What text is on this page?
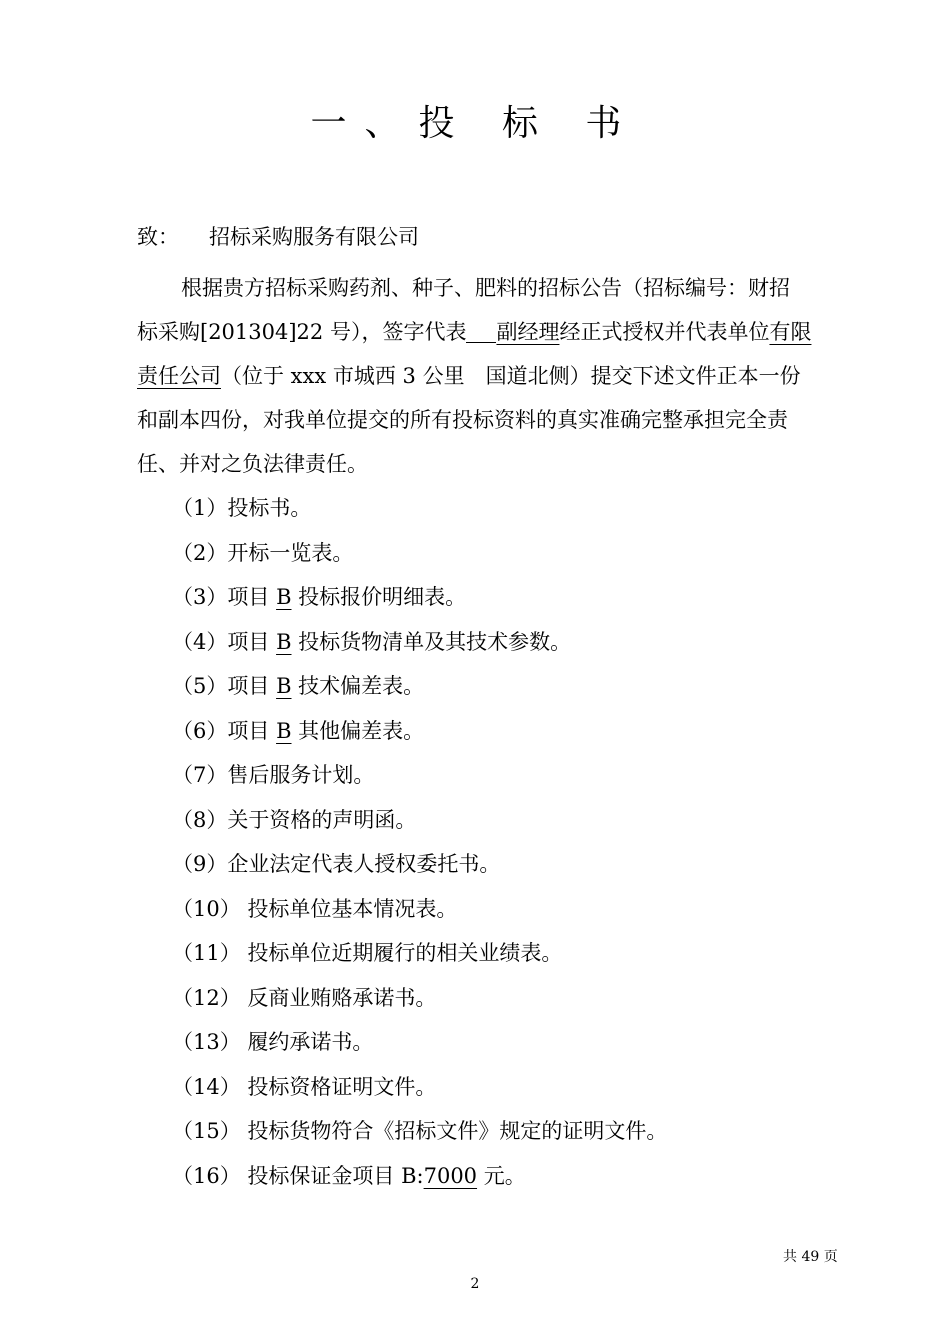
一、投 标 书
致： 招标采购服务有限公司

根据贵方招标采购药剂、种子、肥料的招标公告（招标编号：财招
标采购[201304]22 号），签字代表 副经理经正式授权并代表单位有限
责任公司（位于 xxx 市城西 3 公里　国道北侧）提交下述文件正本一份
和副本四份，对我单位提交的所有投标资料的真实准确完整承担完全责
任、并对之负法律责任。

（1）投标书。
（2）开标一览表。
（3）项目 B 投标报价明细表。
（4）项目 B 投标货物清单及其技术参数。
（5）项目 B 技术偏差表。
（6）项目 B 其他偏差表。
（7）售后服务计划。
（8）关于资格的声明函。
（9）企业法定代表人授权委托书。
（10） 投标单位基本情况表。
（11） 投标单位近期履行的相关业绩表。
（12） 反商业贿赂承诺书。
（13） 履约承诺书。
（14） 投标资格证明文件。
（15） 投标货物符合《招标文件》规定的证明文件。
（16） 投标保证金项目 B:7000 元。
共 49 页
2
